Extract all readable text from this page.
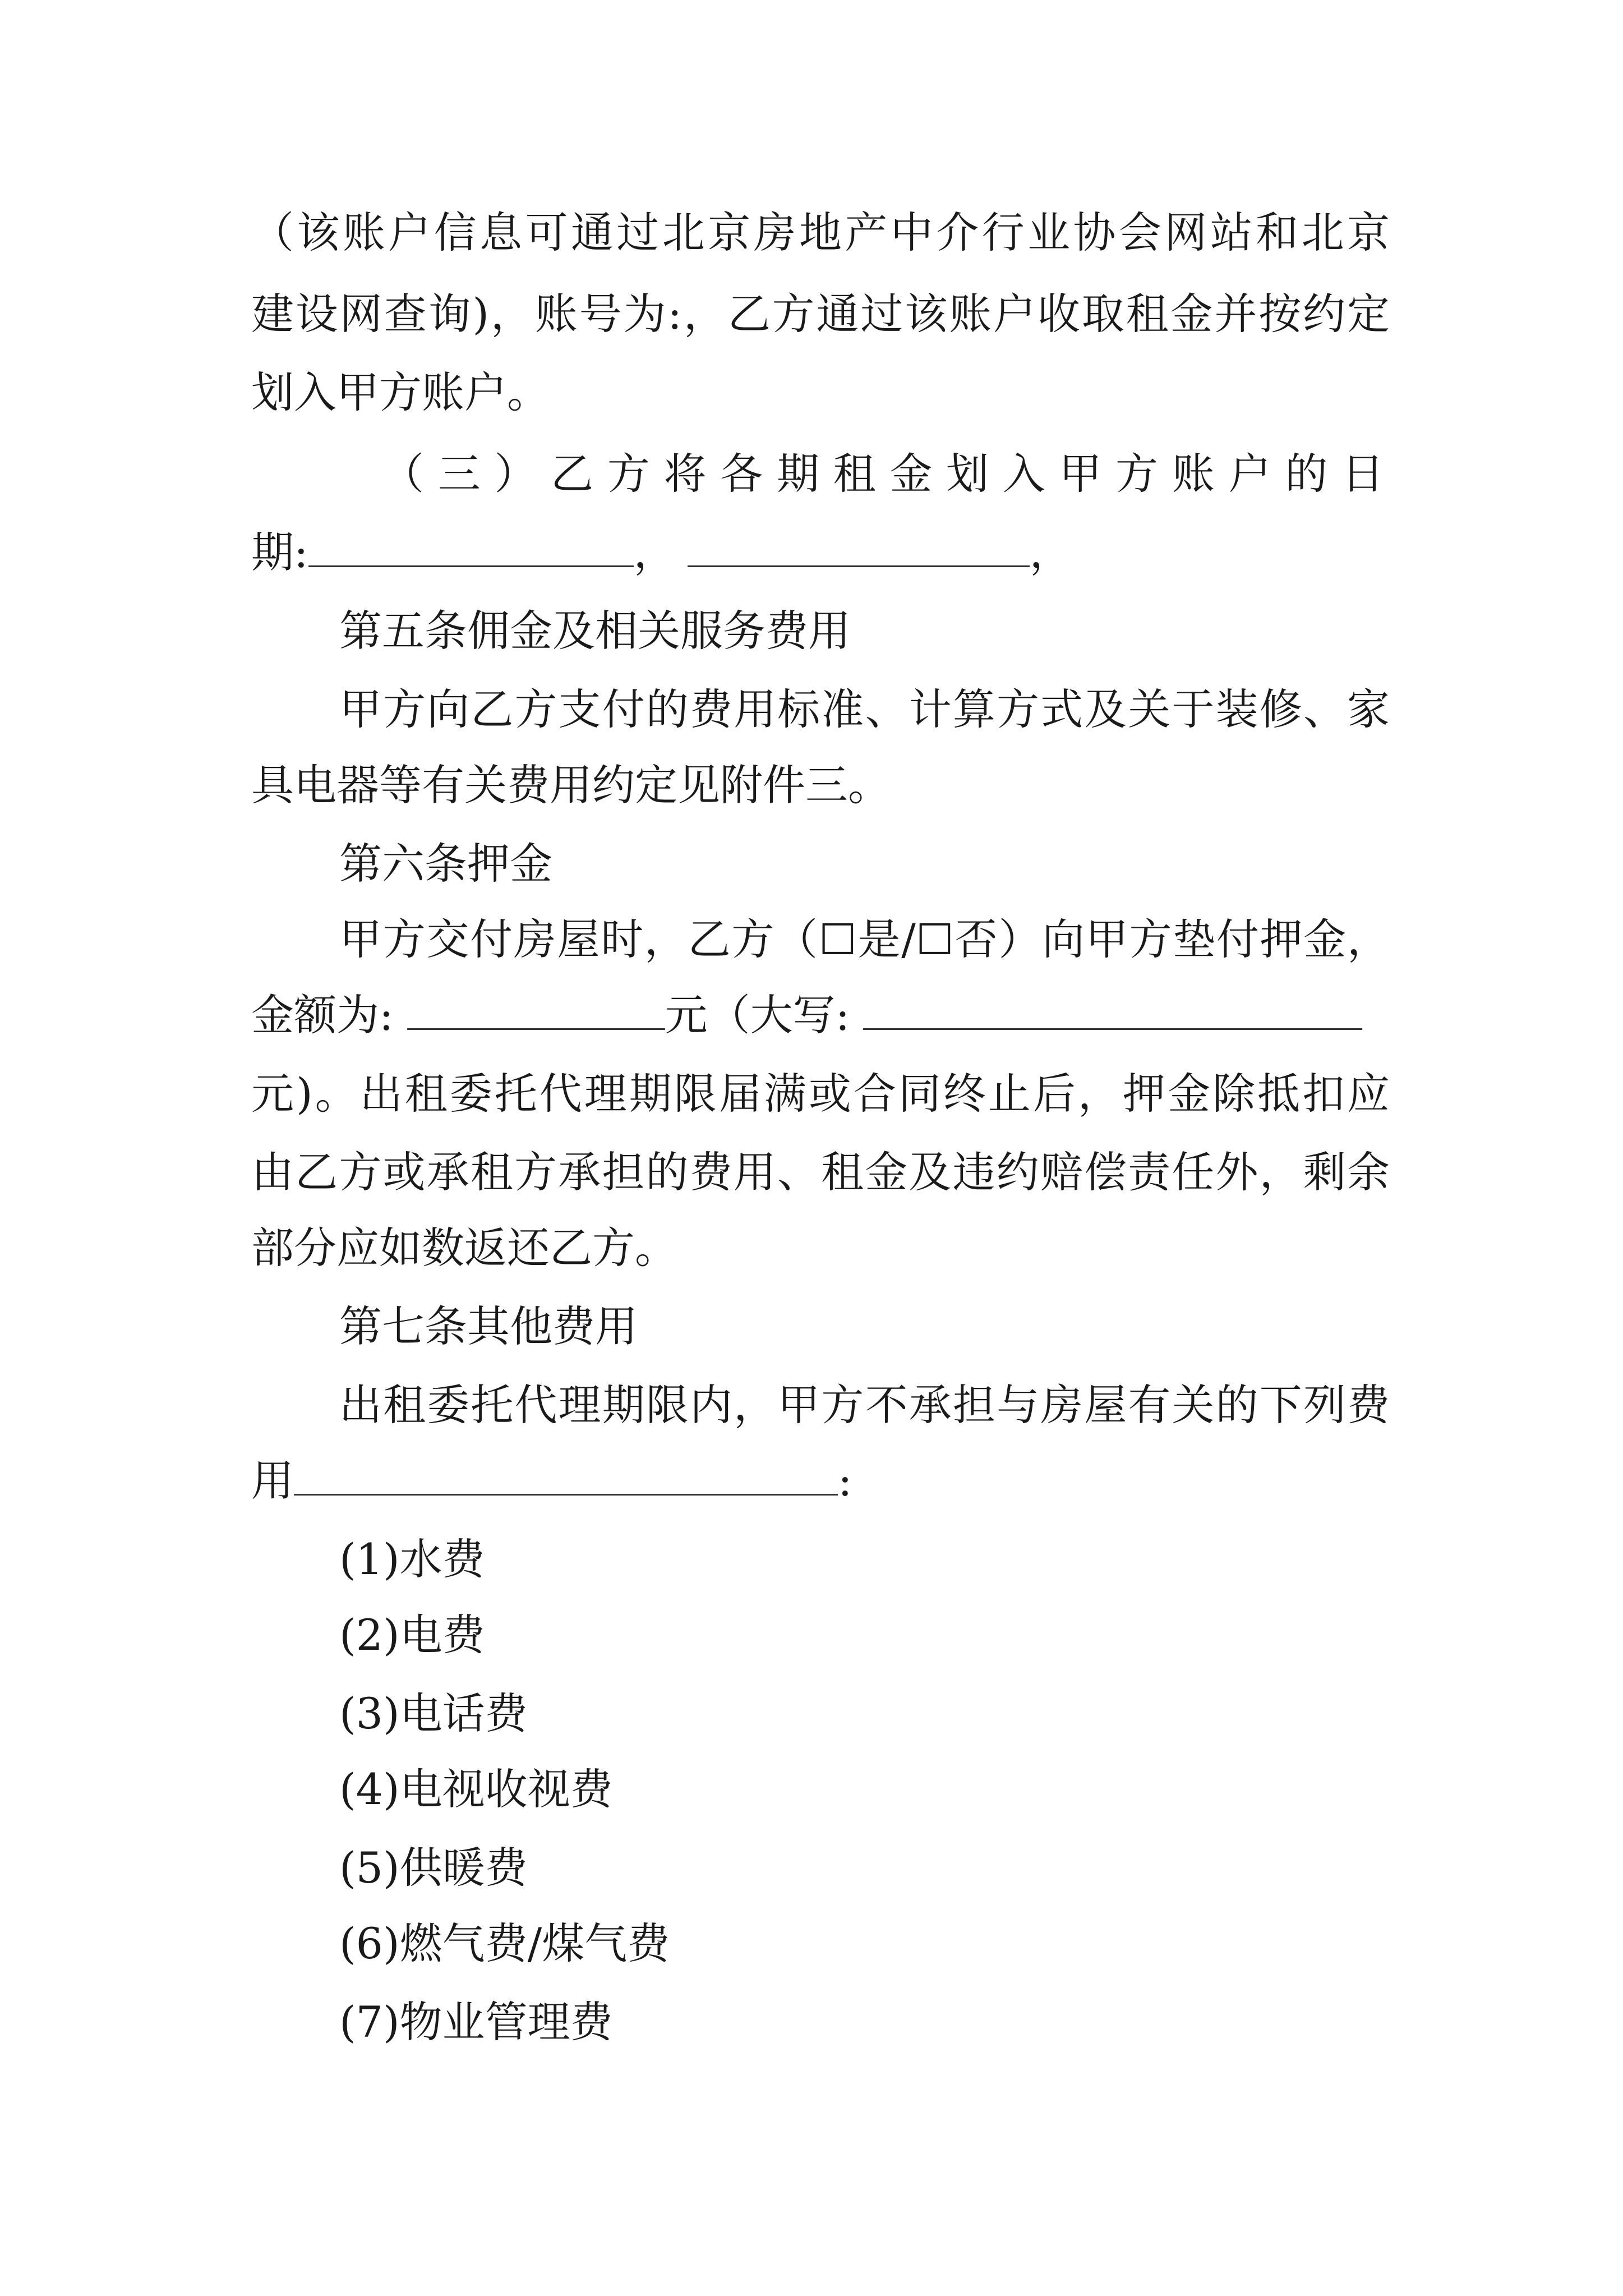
（该账户信息可通过北京房地产中介行业协会网站和北京
建设网查询)，账号为:，乙方通过该账户收取租金并按约定
划入甲方账户。
（三）乙方将各期租金划入甲方账户的日
期:	，	，
第五条佣金及相关服务费用
甲方向乙方支付的费用标准、计算方式及关于装修、家
具电器等有关费用约定见附件三。
第六条押金
甲方交付房屋时，乙方（☐是/☐否）向甲方垫付押金，
金额为:	元（大写:
元)。出租委托代理期限届满或合同终止后，押金除抵扣应
由乙方或承租方承担的费用、租金及违约赔偿责任外，剩余
部分应如数返还乙方。
第七条其他费用
出租委托代理期限内，甲方不承担与房屋有关的下列费
用	:
(1)水费
(2)电费
(3)电话费
(4)电视收视费
(5)供暖费
(6)燃气费/煤气费
(7)物业管理费
